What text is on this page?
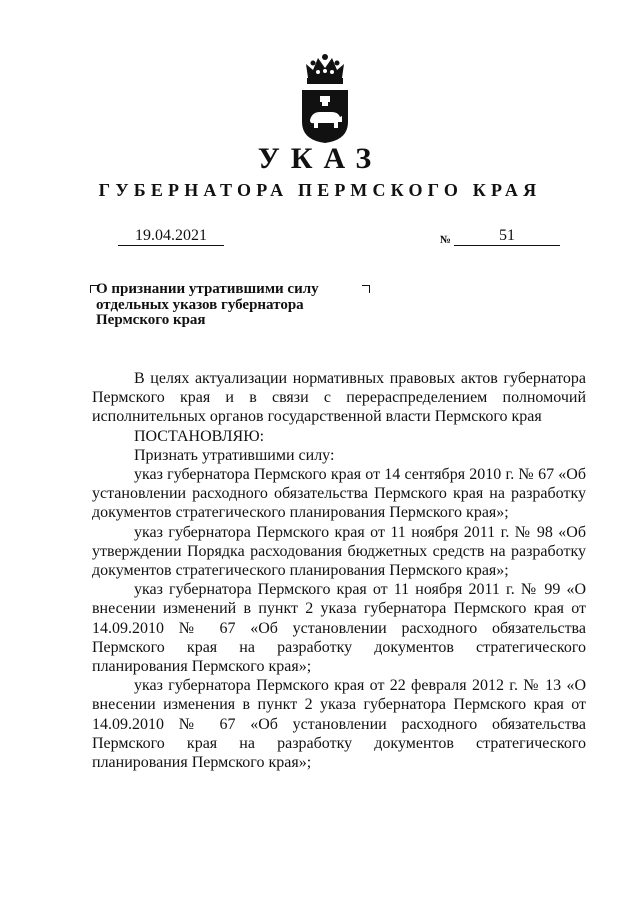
УКАЗ
ГУБЕРНАТОРА ПЕРМСКОГО КРАЯ
19.04.2021	№	51
О признании утратившими силу
отдельных указов губернатора
Пермского края

В целях актуализации нормативных правовых актов губернатора Пермского края и в связи с перераспределением полномочий исполнительных органов государственной власти Пермского края

ПОСТАНОВЛЯЮ:

Признать утратившими силу:

указ губернатора Пермского края от 14 сентября 2010 г. № 67 «Об установлении расходного обязательства Пермского края на разработку документов стратегического планирования Пермского края»;

указ губернатора Пермского края от 11 ноября 2011 г. № 98 «Об утверждении Порядка расходования бюджетных средств на разработку документов стратегического планирования Пермского края»;

указ губернатора Пермского края от 11 ноября 2011 г. № 99 «О внесении изменений в пункт 2 указа губернатора Пермского края от 14.09.2010 № 67 «Об установлении расходного обязательства Пермского края на разработку документов стратегического планирования Пермского края»;

указ губернатора Пермского края от 22 февраля 2012 г. № 13 «О внесении изменения в пункт 2 указа губернатора Пермского края от 14.09.2010 № 67 «Об установлении расходного обязательства Пермского края на разработку документов стратегического планирования Пермского края»;
